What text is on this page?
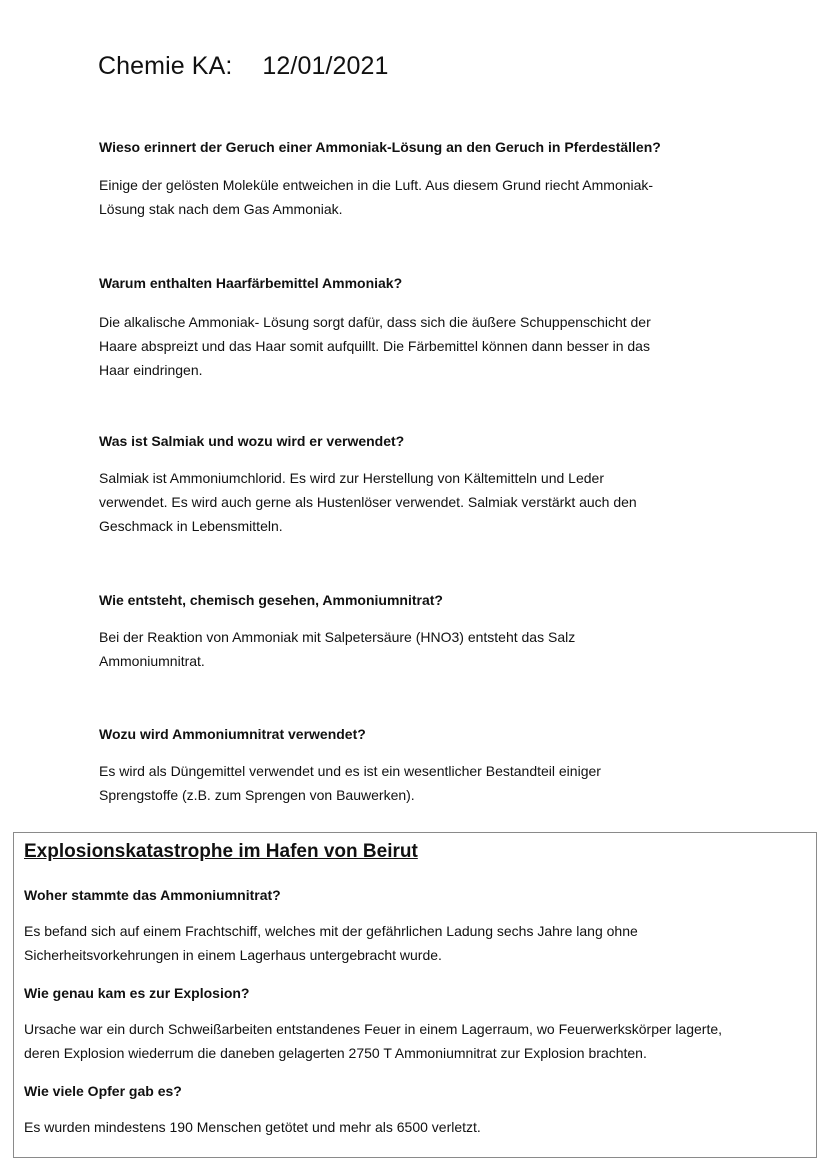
Chemie KA: 12/01/2021

Wieso erinnert der Geruch einer Ammoniak-Lösung an den Geruch in Pferdeställen?

Einige der gelösten Moleküle entweichen in die Luft. Aus diesem Grund riecht Ammoniak-

Lösung stak nach dem Gas Ammoniak.

Warum enthalten Haarfärbemittel Ammoniak?

Die alkalische Ammoniak- Lösung sorgt dafür, dass sich die äußere Schuppenschicht der

Haare abspreizt und das Haar somit aufquillt. Die Färbemittel können dann besser in das

Haar eindringen.

Was ist Salmiak und wozu wird er verwendet?

Salmiak ist Ammoniumchlorid. Es wird zur Herstellung von Kältemitteln und Leder

verwendet. Es wird auch gerne als Hustenlöser verwendet. Salmiak verstärkt auch den

Geschmack in Lebensmitteln.

Wie entsteht, chemisch gesehen, Ammoniumnitrat?

Bei der Reaktion von Ammoniak mit Salpetersäure (HNO3) entsteht das Salz

Ammoniumnitrat.

Wozu wird Ammoniumnitrat verwendet?

Es wird als Düngemittel verwendet und es ist ein wesentlicher Bestandteil einiger

Sprengstoffe (z.B. zum Sprengen von Bauwerken).

Explosionskatastrophe im Hafen von Beirut

Woher stammte das Ammoniumnitrat?

Es befand sich auf einem Frachtschiff, welches mit der gefährlichen Ladung sechs Jahre lang ohne

Sicherheitsvorkehrungen in einem Lagerhaus untergebracht wurde.

Wie genau kam es zur Explosion?

Ursache war ein durch Schweißarbeiten entstandenes Feuer in einem Lagerraum, wo Feuerwerkskörper lagerte,

deren Explosion wiederrum die daneben gelagerten 2750 T Ammoniumnitrat zur Explosion brachten.

Wie viele Opfer gab es?

Es wurden mindestens 190 Menschen getötet und mehr als 6500 verletzt.
